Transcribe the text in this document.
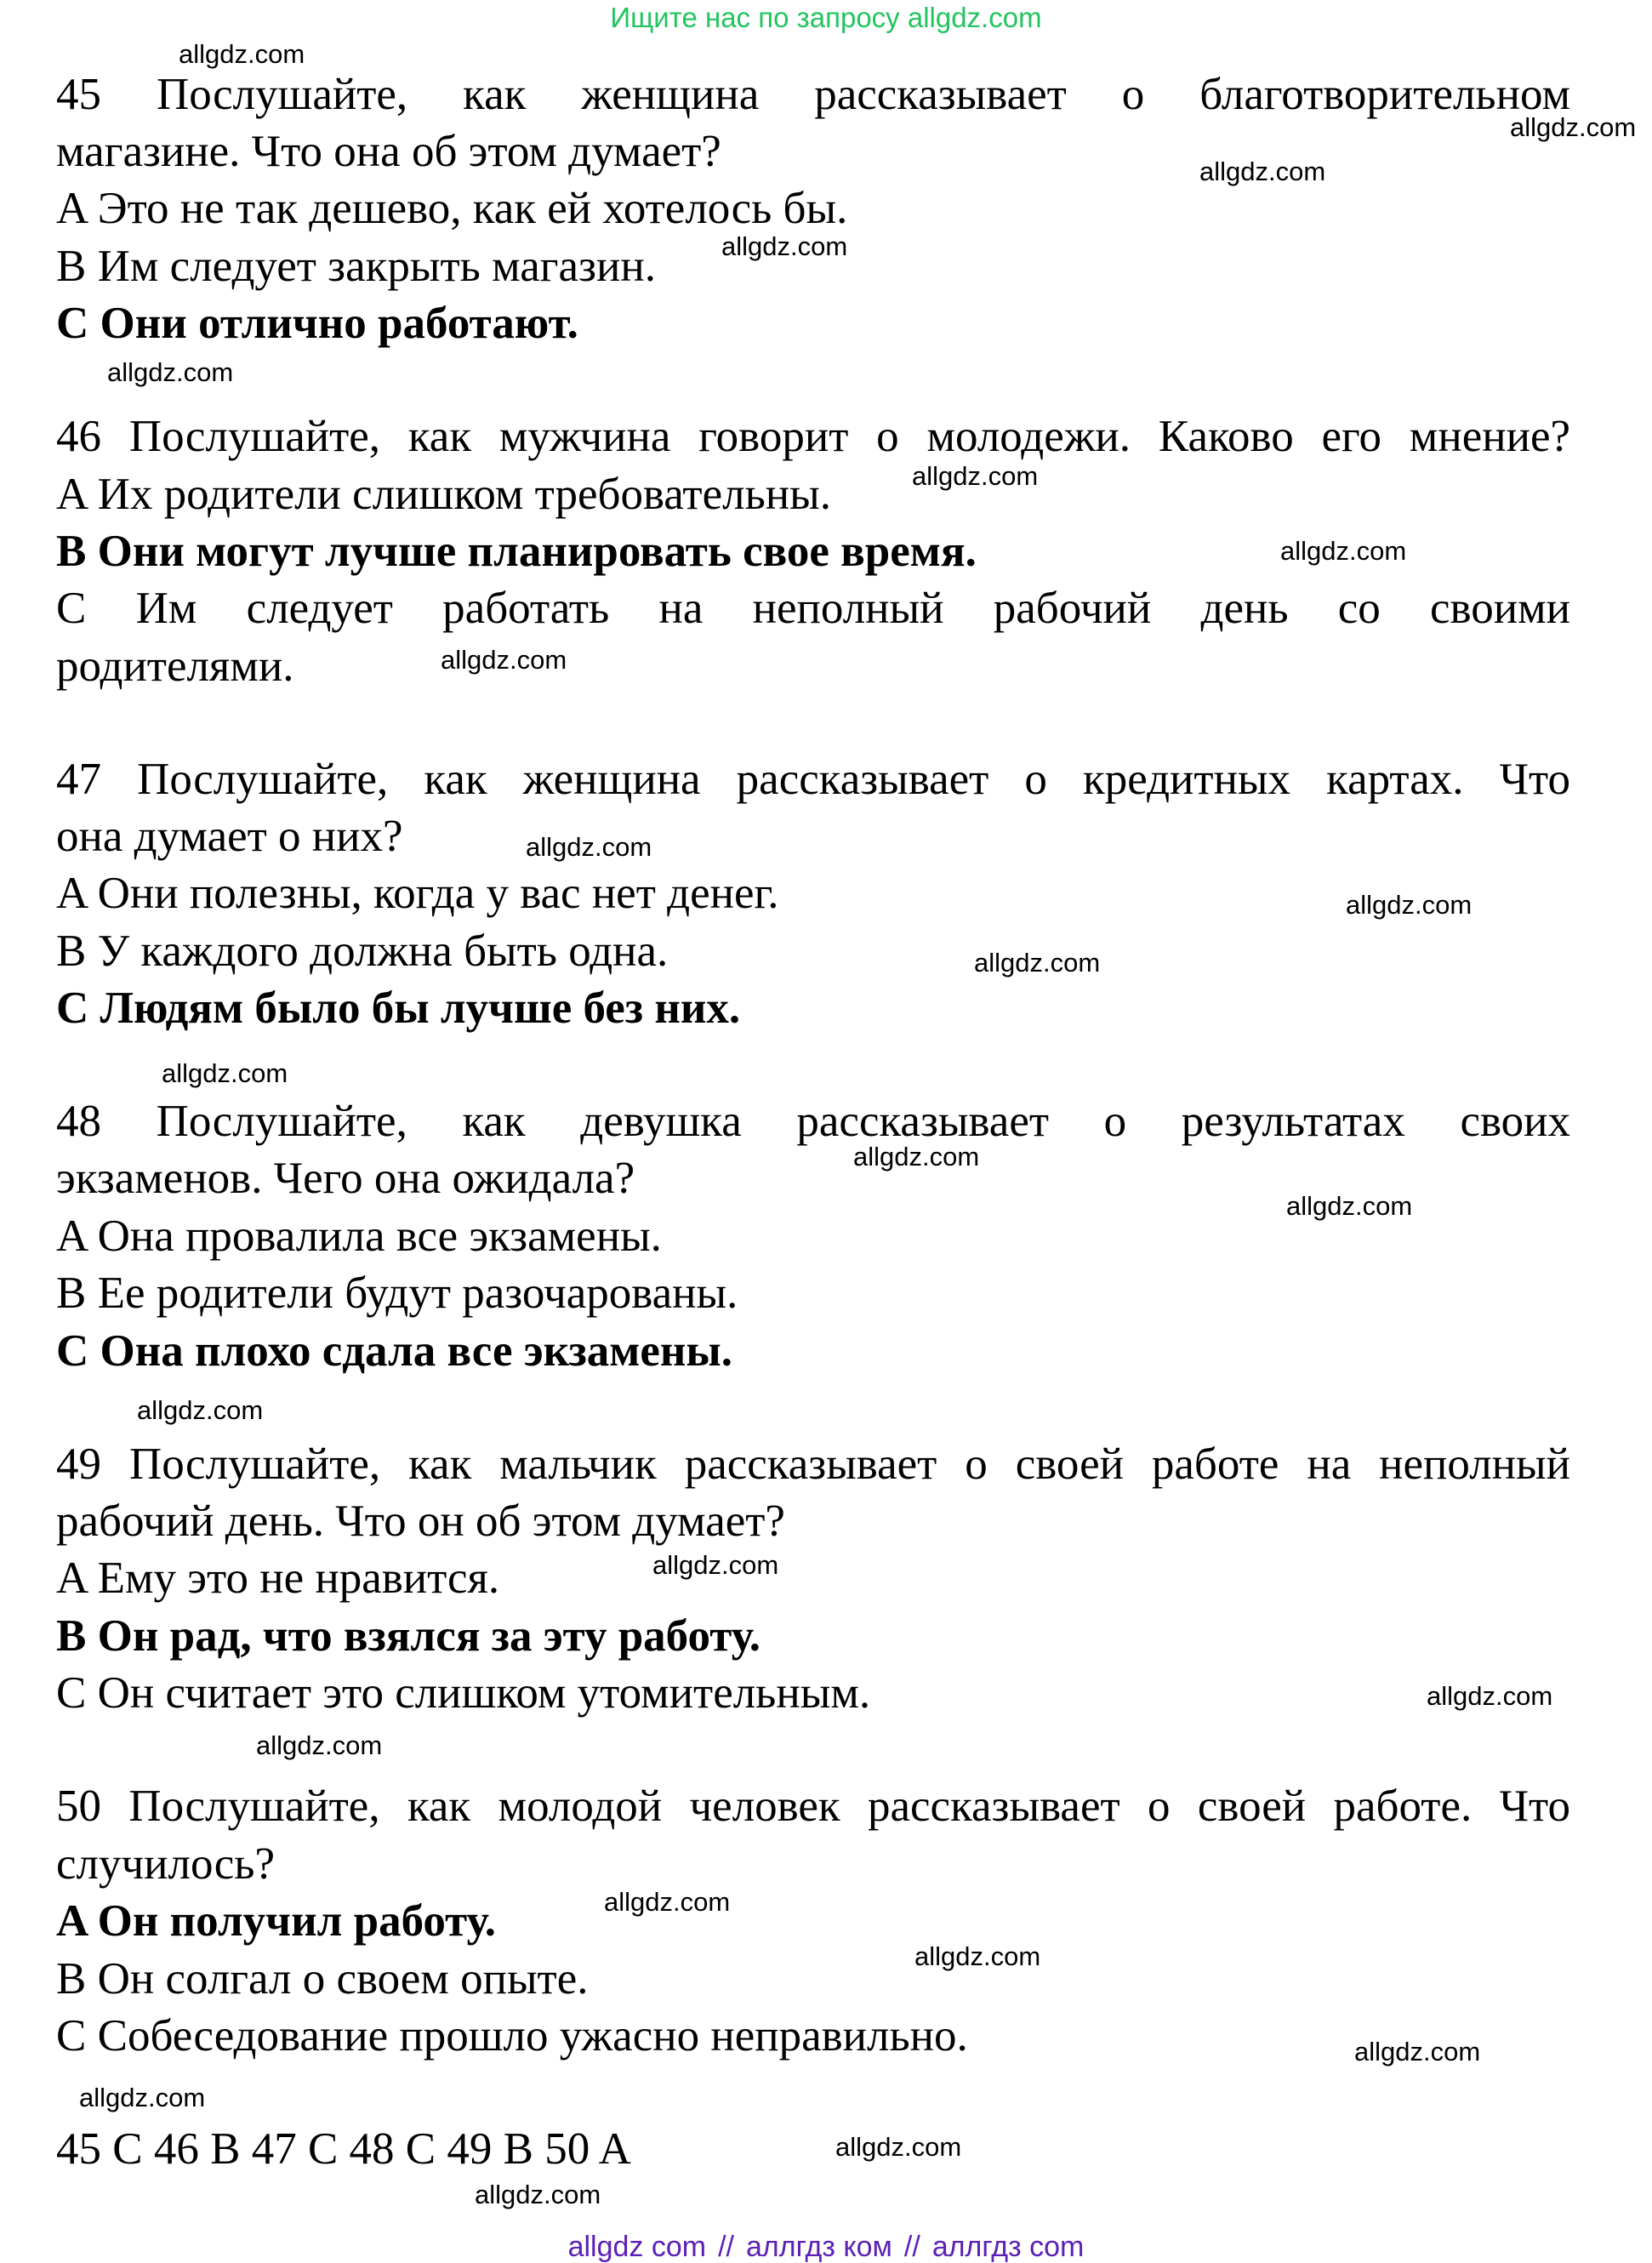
Ищите нас по запросу allgdz.com
45 Послушайте, как женщина рассказывает о благотворительном
магазине. Что она об этом думает?
A Это не так дешево, как ей хотелось бы.
B Им следует закрыть магазин.
C Они отлично работают.
46 Послушайте, как мужчина говорит о молодежи. Каково его мнение?
A Их родители слишком требовательны.
B Они могут лучше планировать свое время.
C Им следует работать на неполный рабочий день со своими
родителями.
47 Послушайте, как женщина рассказывает о кредитных картах. Что
она думает о них?
A Они полезны, когда у вас нет денег.
B У каждого должна быть одна.
C Людям было бы лучше без них.
48 Послушайте, как девушка рассказывает о результатах своих
экзаменов. Чего она ожидала?
A Она провалила все экзамены.
B Ее родители будут разочарованы.
C Она плохо сдала все экзамены.
49 Послушайте, как мальчик рассказывает о своей работе на неполный
рабочий день. Что он об этом думает?
A Ему это не нравится.
B Он рад, что взялся за эту работу.
C Он считает это слишком утомительным.
50 Послушайте, как молодой человек рассказывает о своей работе. Что
случилось?
A Он получил работу.
B Он солгал о своем опыте.
C Собеседование прошло ужасно неправильно.
45 C 46 B 47 C 48 C 49 B 50 A
allgdz.com
allgdz.com
allgdz.com
allgdz.com
allgdz.com
allgdz.com
allgdz.com
allgdz.com
allgdz.com
allgdz.com
allgdz.com
allgdz.com
allgdz.com
allgdz.com
allgdz.com
allgdz.com
allgdz.com
allgdz.com
allgdz.com
allgdz.com
allgdz.com
allgdz.com
allgdz.com
allgdz.com
allgdz com // аллгдз ком // аллгдз com
